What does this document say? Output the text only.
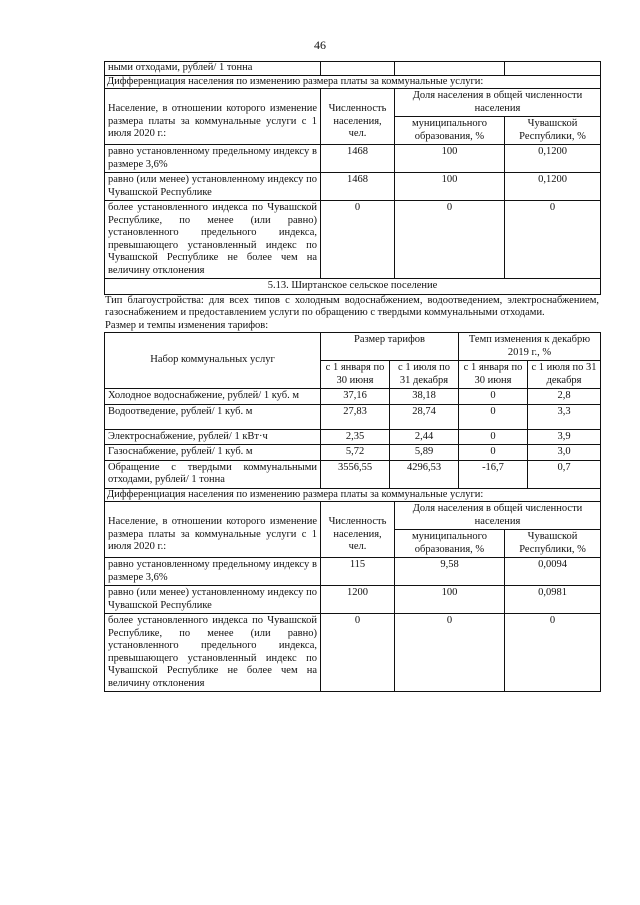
46
ными отходами, рублей/ 1 тонна			
Дифференциация населения по изменению размера платы за коммунальные услуги:			
Население, в отношении которого изменение размера платы за коммунальные услуги с 1 июля 2020 г.:	Численность населения, чел.	Доля населения в общей численности населения	
		муниципального образования, %	Чувашской Республики, %
равно установленному предельному индексу в размере 3,6%	1468	100	0,1200
равно (или менее) установленному индексу по Чувашской Республике	1468	100	0,1200
более установленного индекса по Чувашской Республике, по менее (или равно) установленного предельного индекса, превышающего установленный индекс по Чувашской Республике не более чем на величину отклонения	0	0	0
5.13. Ширтанское сельское поселение			

Тип благоустройства: для всех типов с холодным водоснабжением, водоотведением, электроснабжением, газоснабжением и предоставлением услуги по обращению с твердыми коммунальными отходами.

Размер и темпы изменения тарифов:

Набор коммунальных услуг	Размер тарифов		Темп изменения к декабрю 2019 г., %	
	с 1 января по 30 июня	с 1 июля по 31 декабря	с 1 января по 30 июня	с 1 июля по 31 декабря
Холодное водоснабжение, рублей/ 1 куб. м	37,16	38,18	0	2,8
Водоотведение, рублей/ 1 куб. м	27,83	28,74	0	3,3
Электроснабжение, рублей/ 1 кВт·ч	2,35	2,44	0	3,9
Газоснабжение, рублей/ 1 куб. м	5,72	5,89	0	3,0
Обращение с твердыми коммунальными отходами, рублей/ 1 тонна	3556,55	4296,53	-16,7	0,7
Дифференциация населения по изменению размера платы за коммунальные услуги:			
Население, в отношении которого изменение размера платы за коммунальные услуги с 1 июля 2020 г.:	Численность населения, чел.	Доля населения в общей численности населения	
		муниципального образования, %	Чувашской Республики, %
равно установленному предельному индексу в размере 3,6%	115	9,58	0,0094
равно (или менее) установленному индексу по Чувашской Республике	1200	100	0,0981
более установленного индекса по Чувашской Республике, по менее (или равно) установленного предельного индекса, превышающего установленный индекс по Чувашской Республике не более чем на величину отклонения	0	0	0
